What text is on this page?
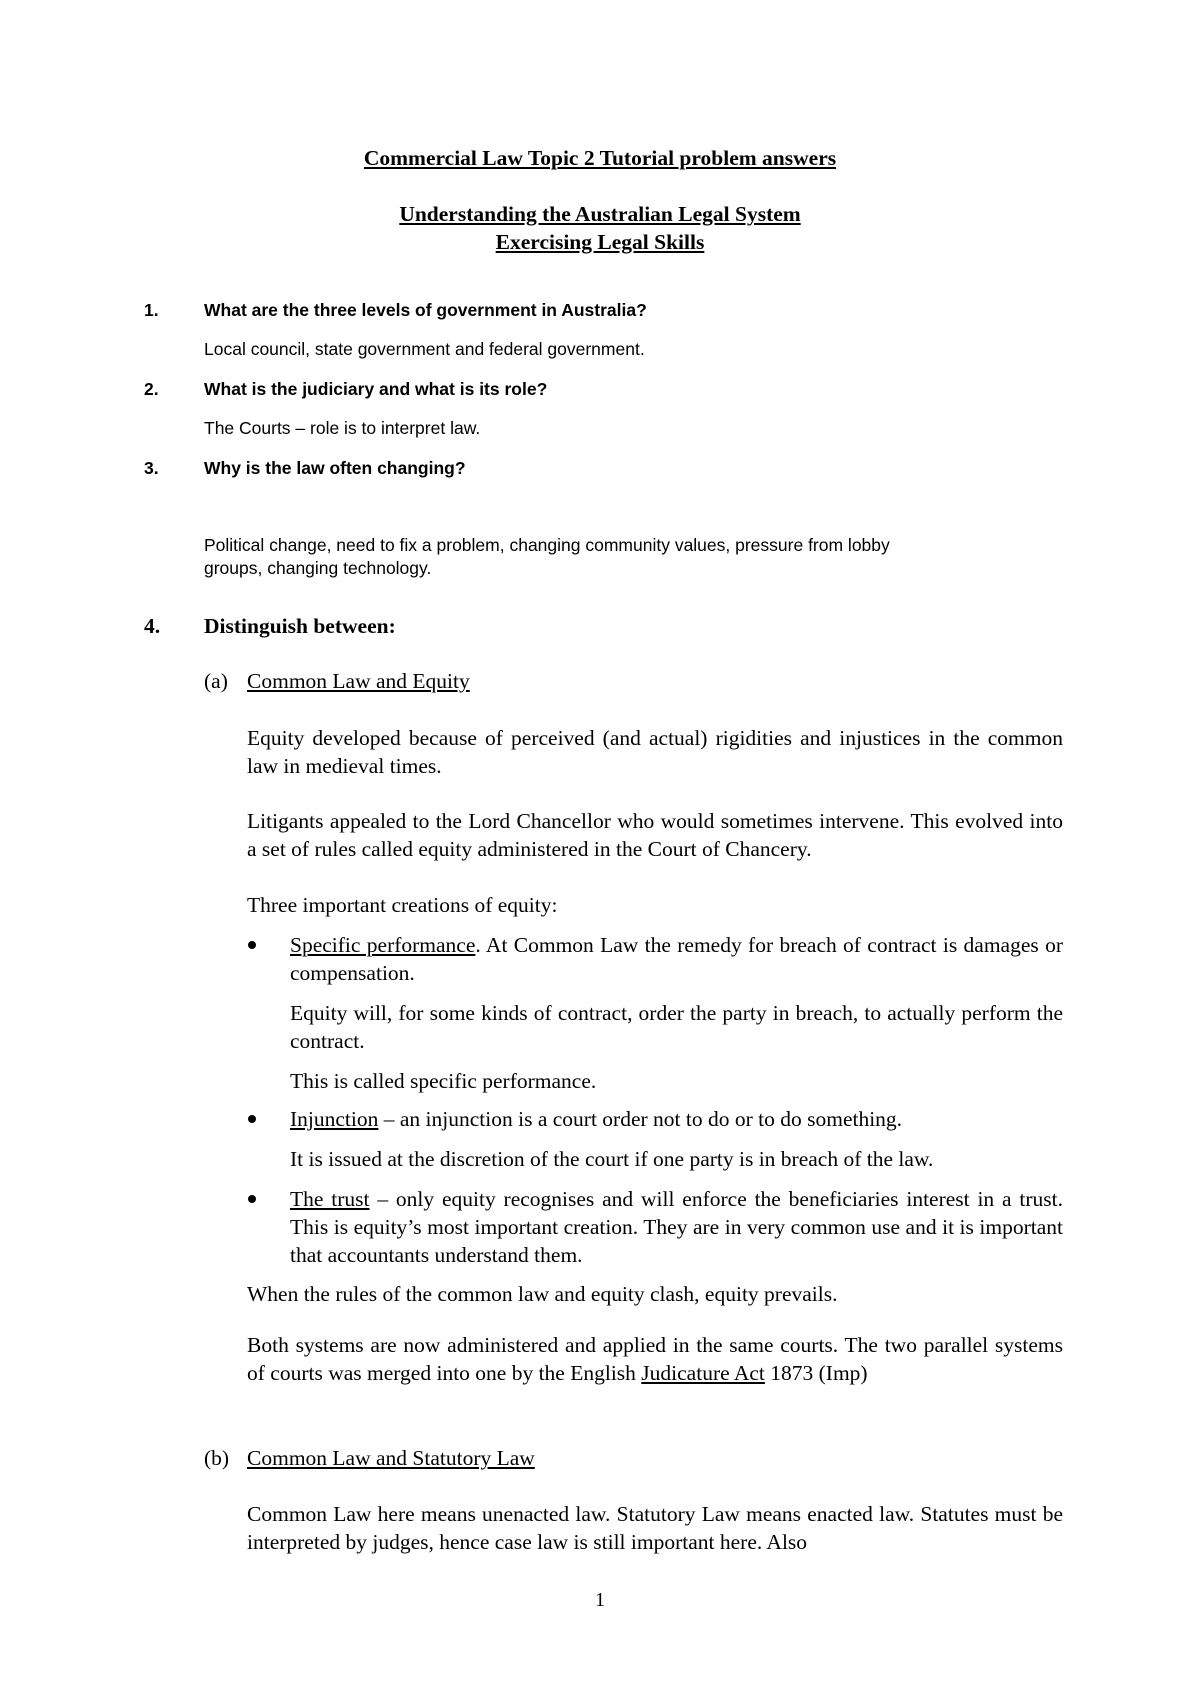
Commercial Law Topic 2 Tutorial problem answers
Understanding the Australian Legal System
Exercising Legal Skills
1.	What are the three levels of government in Australia?
Local council, state government and federal government.
2.	What is the judiciary and what is its role?
The Courts – role is to interpret law.
3.	Why is the law often changing?
Political change, need to fix a problem, changing community values, pressure from lobby
groups, changing technology.
4. Distinguish between:
(a) Common Law and Equity
Equity developed because of perceived (and actual) rigidities and injustices in the common law in medieval times.
Litigants appealed to the Lord Chancellor who would sometimes intervene. This evolved into a set of rules called equity administered in the Court of Chancery.
Three important creations of equity:
Specific performance. At Common Law the remedy for breach of contract is damages or compensation.
Equity will, for some kinds of contract, order the party in breach, to actually perform the contract.
This is called specific performance.
Injunction – an injunction is a court order not to do or to do something.
It is issued at the discretion of the court if one party is in breach of the law.
The trust – only equity recognises and will enforce the beneficiaries interest in a trust. This is equity’s most important creation. They are in very common use and it is important that accountants understand them.
When the rules of the common law and equity clash, equity prevails.
Both systems are now administered and applied in the same courts. The two parallel systems of courts was merged into one by the English Judicature Act 1873 (Imp)
(b) Common Law and Statutory Law
Common Law here means unenacted law. Statutory Law means enacted law. Statutes must be interpreted by judges, hence case law is still important here. Also
1
